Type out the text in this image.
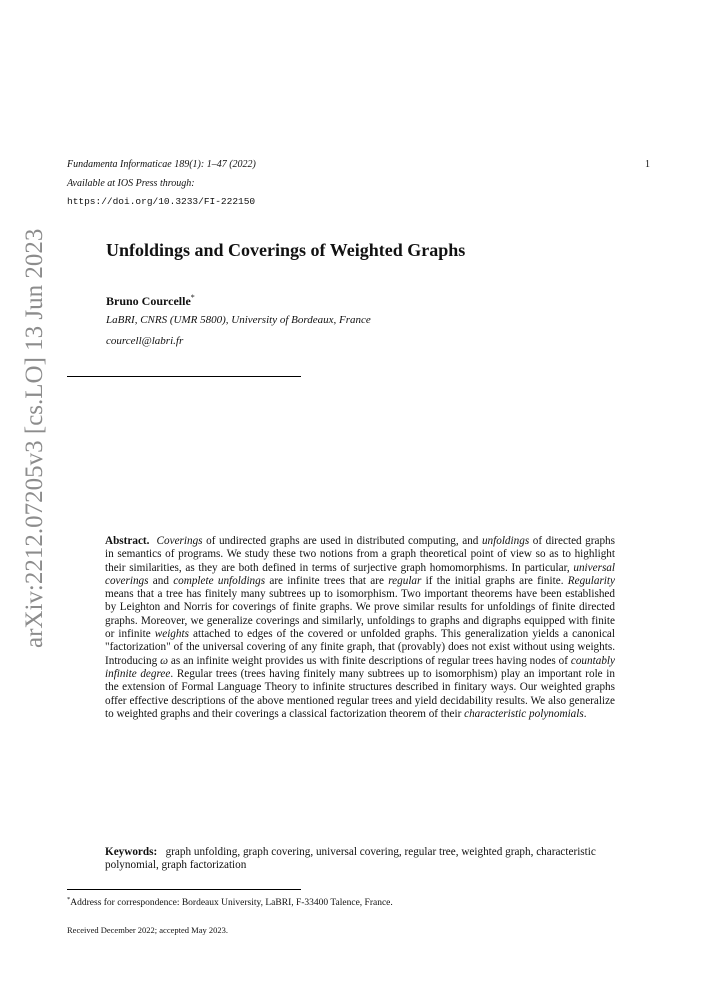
arXiv:2212.07205v3 [cs.LO] 13 Jun 2023
Fundamenta Informaticae 189(1): 1–47 (2022)
Available at IOS Press through:
https://doi.org/10.3233/FI-222150
1
Unfoldings and Coverings of Weighted Graphs
Bruno Courcelle*
LaBRI, CNRS (UMR 5800), University of Bordeaux, France
courcell@labri.fr

Abstract. Coverings of undirected graphs are used in distributed computing, and unfoldings of directed graphs in semantics of programs. We study these two notions from a graph theoretical point of view so as to highlight their similarities, as they are both defined in terms of surjective graph homomorphisms. In particular, universal coverings and complete unfoldings are infinite trees that are regular if the initial graphs are finite. Regularity means that a tree has finitely many subtrees up to isomorphism. Two important theorems have been established by Leighton and Norris for coverings of finite graphs. We prove similar results for unfoldings of finite directed graphs. Moreover, we generalize coverings and similarly, unfoldings to graphs and digraphs equipped with finite or infinite weights attached to edges of the covered or unfolded graphs. This generalization yields a canonical "factorization" of the universal covering of any finite graph, that (provably) does not exist without using weights. Introducing ω as an infinite weight provides us with finite descriptions of regular trees having nodes of countably infinite degree. Regular trees (trees having finitely many subtrees up to isomorphism) play an important role in the extension of Formal Language Theory to infinite structures described in finitary ways. Our weighted graphs offer effective descriptions of the above mentioned regular trees and yield decidability results. We also generalize to weighted graphs and their coverings a classical factorization theorem of their characteristic polynomials.

Keywords: graph unfolding, graph covering, universal covering, regular tree, weighted graph, characteristic polynomial, graph factorization
*Address for correspondence: Bordeaux University, LaBRI, F-33400 Talence, France.
Received December 2022; accepted May 2023.
